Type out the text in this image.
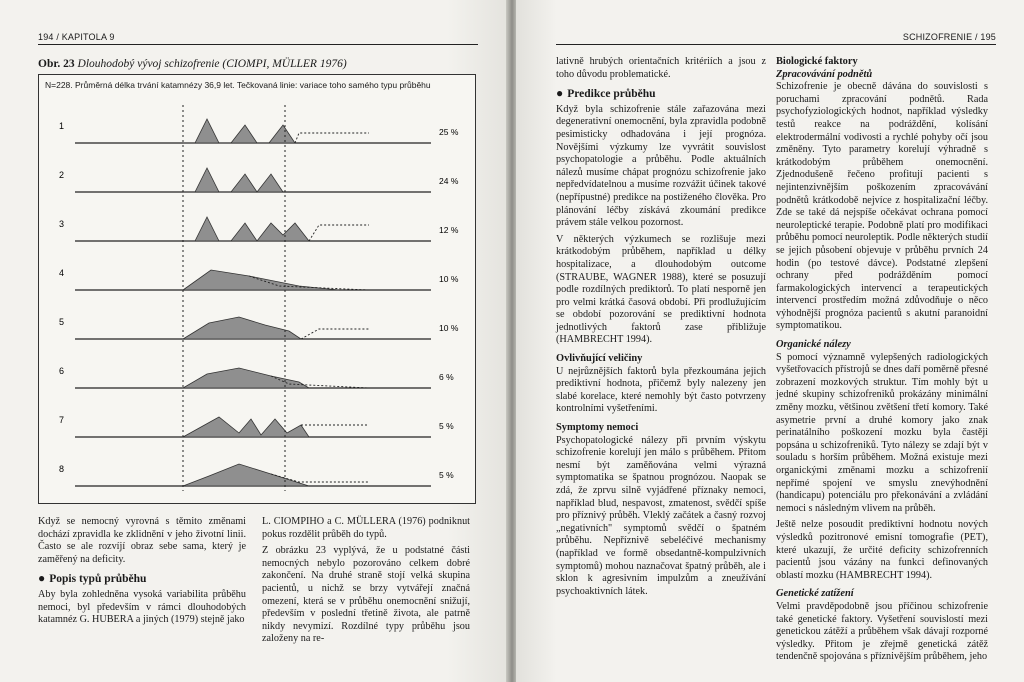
194 / KAPITOLA 9
Obr. 23 Dlouhodobý vývoj schizofrenie (CIOMPI, MÜLLER 1976)
N=228. Průměrná délka trvání katamnézy 36,9 let. Tečkovaná linie: variace toho samého typu průběhu
1
25 %
2
24 %
3
12 %
4
10 %
5
10 %
6
6 %
7
5 %
8
5 %

Když se nemocný vyrovná s těmito změnami dochází zpravidla ke zklidnění v jeho životní linii. Často se ale rozvíjí obraz sebe sama, který je zaměřený na deficity.

● Popis typů průběhu

Aby byla zohledněna vysoká variabilita průběhu nemoci, byl především v rámci dlouhodobých katamnéz G. HUBERA a jiných (1979) stejně jako

L. CIOMPIHO a C. MÜLLERA (1976) podniknut pokus rozdělit průběh do typů.

Z obrázku 23 vyplývá, že u podstatné části nemocných nebylo pozorováno celkem dobré zakončení. Na druhé straně stojí velká skupina pacientů, u nichž se brzy vytvářejí značná omezení, která se v průběhu onemocnění snižují, především v poslední třetině života, ale patrně nikdy nevymizí. Rozdílné typy průběhu jsou založeny na re-

SCHIZOFRENIE / 195

lativně hrubých orientačních kritériích a jsou z toho důvodu problematické.

● Predikce průběhu

Když byla schizofrenie stále zařazována mezi degenerativní onemocnění, byla zpravidla podobně pesimisticky odhadována i její prognóza. Novějšími výzkumy lze vyvrátit souvislost psychopatologie a průběhu. Podle aktuálních nálezů musíme chápat prognózu schizofrenie jako nepředvídatelnou a musíme rozvážit účinek takové (nepřípustné) predikce na postiženého člověka. Pro plánování léčby získává zkoumání predikce právem stále velkou pozornost.

V některých výzkumech se rozlišuje mezi krátkodobým průběhem, například u délky hospitalizace, a dlouhodobým outcome (STRAUBE, WAGNER 1988), které se posuzují podle rozdílných prediktorů. To platí nesporně jen pro velmi krátká časová období. Při prodlužujícím se období pozorování se prediktivní hodnota jednotlivých faktorů zase přibližuje (HAMBRECHT 1994).

Ovlivňující veličiny

U nejrůznějších faktorů byla přezkoumána jejich prediktivní hodnota, přičemž byly nalezeny jen slabé korelace, které nemohly být často potvrzeny kontrolními vyšetřeními.

Symptomy nemoci

Psychopatologické nálezy při prvním výskytu schizofrenie korelují jen málo s průběhem. Přitom nesmí být zaměňována velmi výrazná symptomatika se špatnou prognózou. Naopak se zdá, že zprvu silně vyjádřené příznaky nemoci, například blud, nespavost, zmatenost, svědčí spíše pro příznivý průběh. Vleklý začátek a časný rozvoj „negativních" symptomů svědčí o špatném průběhu. Nepříznivě sebeléčivé mechanismy (například ve formě obsedantně-kompulzivních symptomů) mohou naznačovat špatný průběh, ale i sklon k agresivním impulzům a zneužívání psychoaktivních látek.

Biologické faktory
Zpracovávání podnětů

Schizofrenie je obecně dávána do souvislosti s poruchami zpracování podnětů. Rada psychofyziologických hodnot, například výsledky testů reakce na podráždění, kolísání elektrodermální vodivosti a rychlé pohyby očí jsou změněny. Tyto parametry korelují výhradně s krátkodobým průběhem onemocnění. Zjednodušeně řečeno profitují pacienti s nejintenzivnějším poškozením zpracovávání podnětů krátkodobě nejvíce z hospitalizační léčby. Zde se také dá nejspíše očekávat ochrana pomocí neuroleptické terapie. Podobně platí pro modifikaci průběhu pomocí neuroleptik. Podle některých studií se jejich působení objevuje v průběhu prvních 24 hodin (po testové dávce). Podstatné zlepšení ochrany před podrážděním pomocí farmakologických intervencí a terapeutických intervencí prostředím možná zdůvodňuje o něco výhodnější prognóza pacientů s akutní paranoidní symptomatikou.

Organické nálezy

S pomocí významně vylepšených radiologických vyšetřovacích přístrojů se dnes daří poměrně přesné zobrazení mozkových struktur. Tím mohly být u jedné skupiny schizofreniků prokázány minimální změny mozku, většinou zvětšení třetí komory. Také asymetrie první a druhé komory jako znak perinatálního poškození mozku byla častěji popsána u schizofreniků. Tyto nálezy se zdají být v souladu s horším průběhem. Možná existuje mezi organickými změnami mozku a schizofrenií nepřímé spojení ve smyslu znevýhodnění (handicapu) potenciálu pro překonávání a zvládání nemoci s následným vlivem na průběh.

Ještě nelze posoudit prediktivní hodnotu nových výsledků pozitronové emisní tomografie (PET), které ukazují, že určité deficity schizofrenních pacientů jsou vázány na funkci definovaných oblastí mozku (HAMBRECHT 1994).

Genetické zatížení

Velmi pravděpodobně jsou příčinou schizofrenie také genetické faktory. Vyšetření souvislostí mezi genetickou zátěží a průběhem však dávají rozporné výsledky. Přitom je zřejmě genetická zátěž tendenčně spojována s příznivějším průběhem, jeho
